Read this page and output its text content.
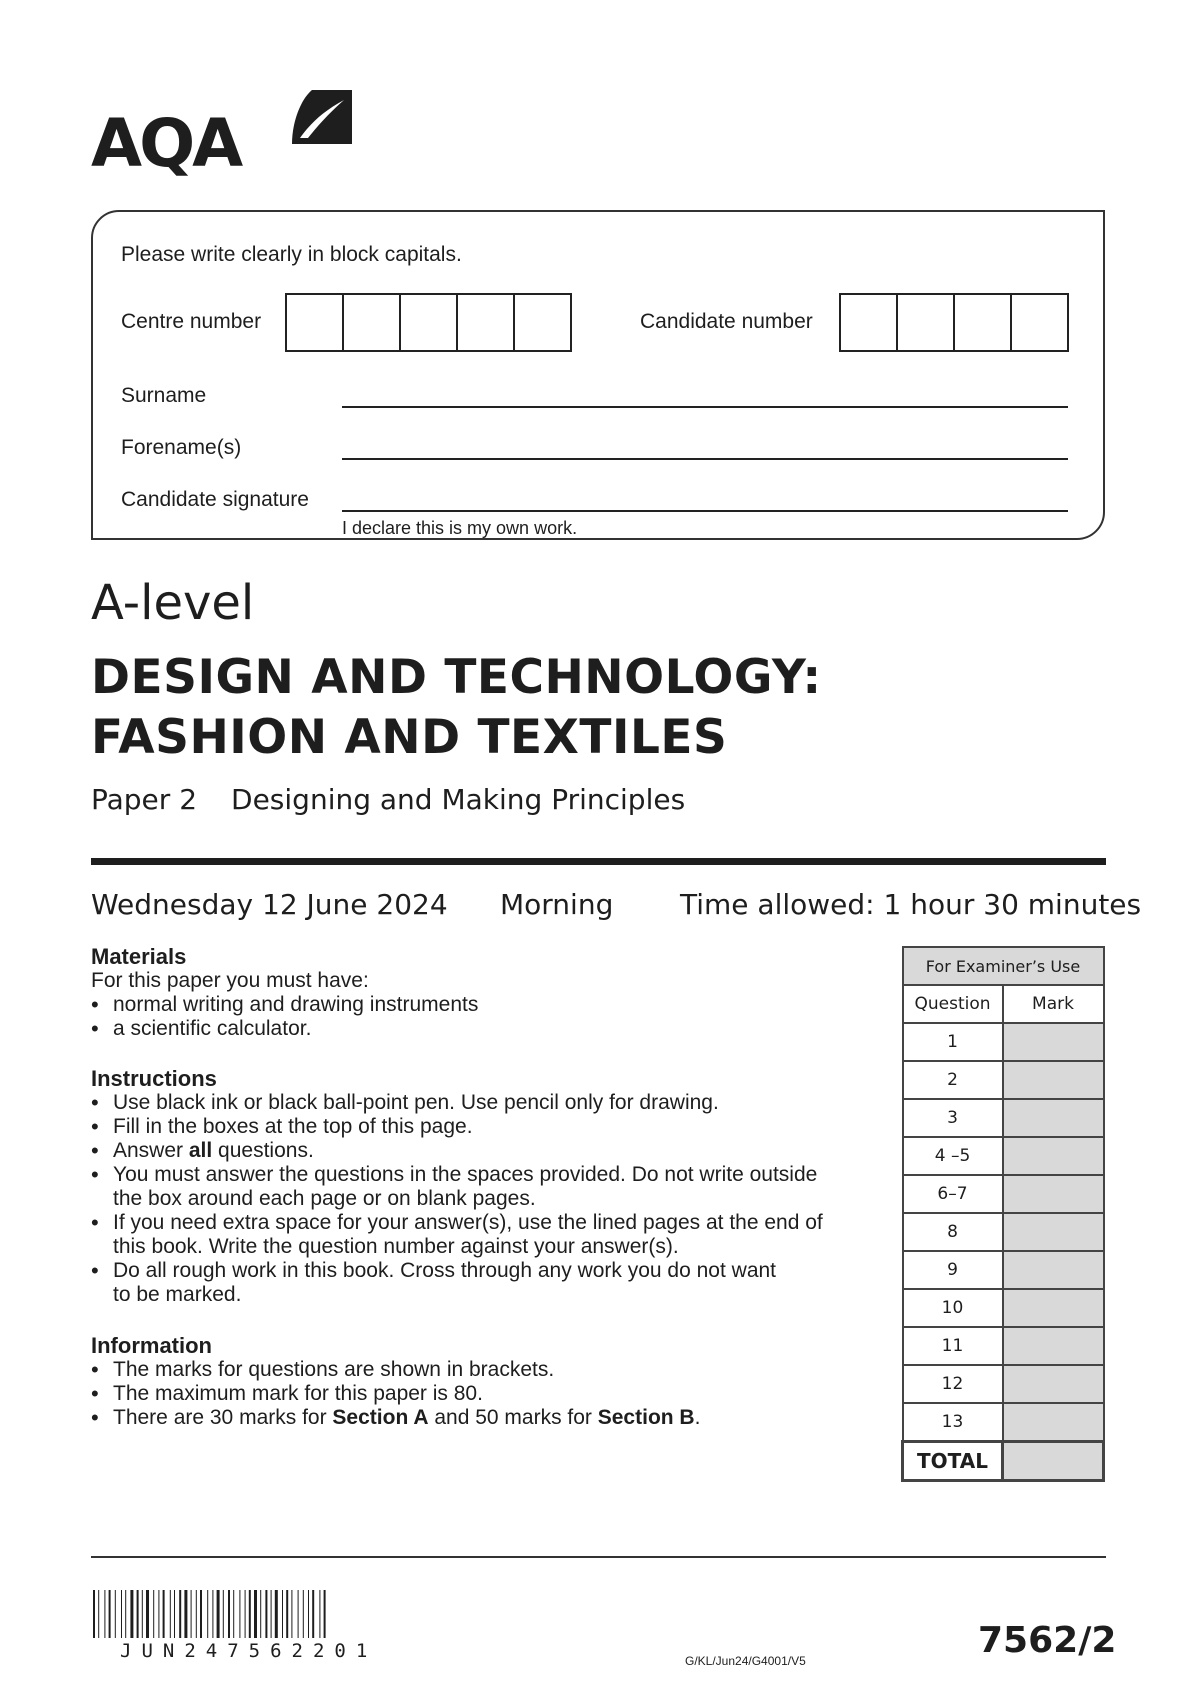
AQA
Please write clearly in block capitals.
Centre number	Candidate number
Surname
Forename(s)
Candidate signature
I declare this is my own work.
A-level
DESIGN AND TECHNOLOGY:
FASHION AND TEXTILES
Paper 2 Designing and Making Principles
Wednesday 12 June 2024 Morning Time allowed: 1 hour 30 minutes
Materials
For this paper you must have:
• normal writing and drawing instruments
• a scientific calculator.
Instructions
• Use black ink or black ball-point pen. Use pencil only for drawing.
• Fill in the boxes at the top of this page.
• Answer all questions.
• You must answer the questions in the spaces provided. Do not write outside
the box around each page or on blank pages.
• If you need extra space for your answer(s), use the lined pages at the end of
this book. Write the question number against your answer(s).
• Do all rough work in this book. Cross through any work you do not want
to be marked.
Information
• The marks for questions are shown in brackets.
• The maximum mark for this paper is 80.
• There are 30 marks for Section A and 50 marks for Section B.
For Examiner’s Use	
Question	Mark
1	
2	
3	
4 –5	
6–7	
8	
9	
10	
11	
12	
13	
TOTAL	
JUN247562201	G/KL/Jun24/G4001/V5	7562/2
